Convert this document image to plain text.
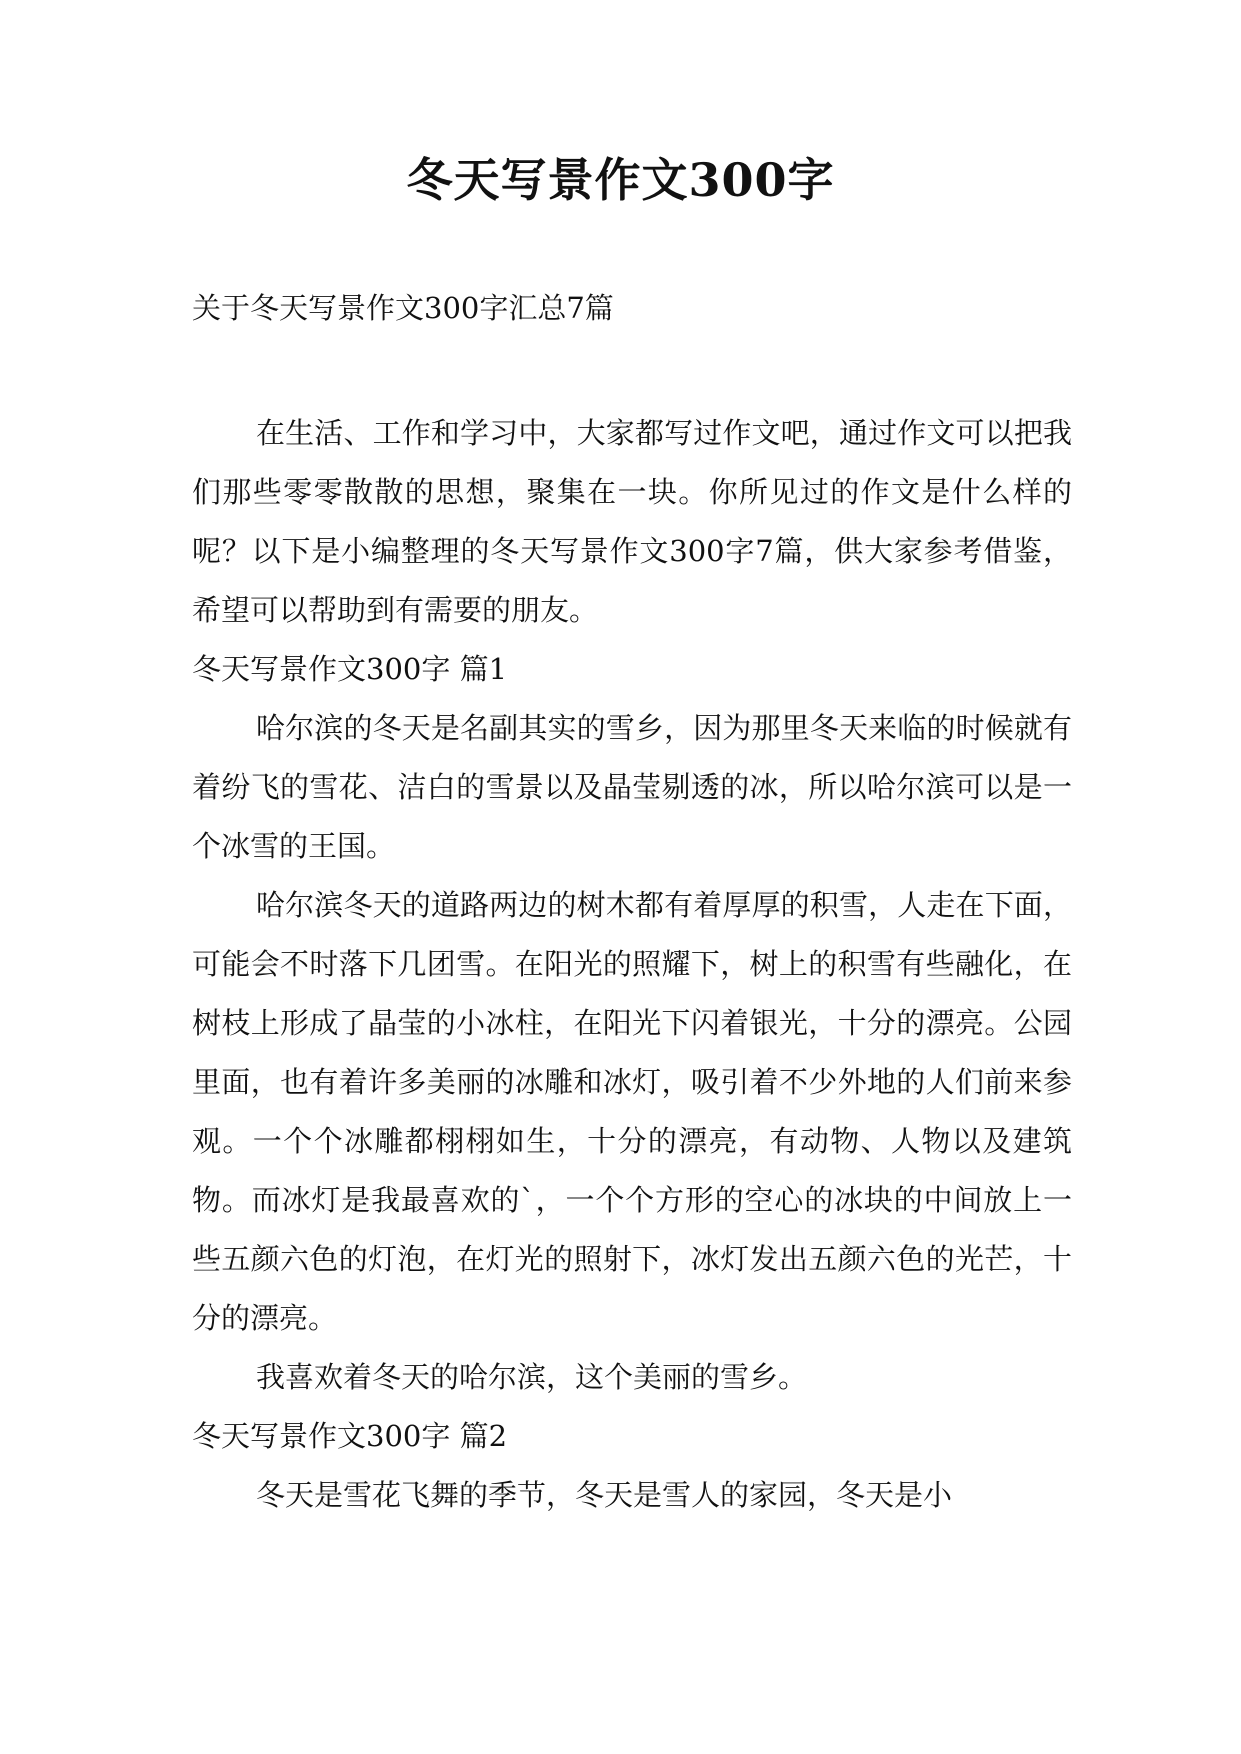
冬天写景作文300字
关于冬天写景作文300字汇总7篇

在生活、工作和学习中，大家都写过作文吧，通过作文可以把我们那些零零散散的思想，聚集在一块。你所见过的作文是什么样的呢？以下是小编整理的冬天写景作文300字7篇，供大家参考借鉴，希望可以帮助到有需要的朋友。

冬天写景作文300字 篇1

哈尔滨的冬天是名副其实的雪乡，因为那里冬天来临的时候就有着纷飞的雪花、洁白的雪景以及晶莹剔透的冰，所以哈尔滨可以是一个冰雪的王国。

哈尔滨冬天的道路两边的树木都有着厚厚的积雪，人走在下面，可能会不时落下几团雪。在阳光的照耀下，树上的积雪有些融化，在树枝上形成了晶莹的小冰柱，在阳光下闪着银光，十分的漂亮。公园里面，也有着许多美丽的冰雕和冰灯，吸引着不少外地的人们前来参观。一个个冰雕都栩栩如生，十分的漂亮，有动物、人物以及建筑物。而冰灯是我最喜欢的`，一个个方形的空心的冰块的中间放上一些五颜六色的灯泡，在灯光的照射下，冰灯发出五颜六色的光芒，十分的漂亮。

我喜欢着冬天的哈尔滨，这个美丽的雪乡。

冬天写景作文300字 篇2

冬天是雪花飞舞的季节，冬天是雪人的家园，冬天是小
